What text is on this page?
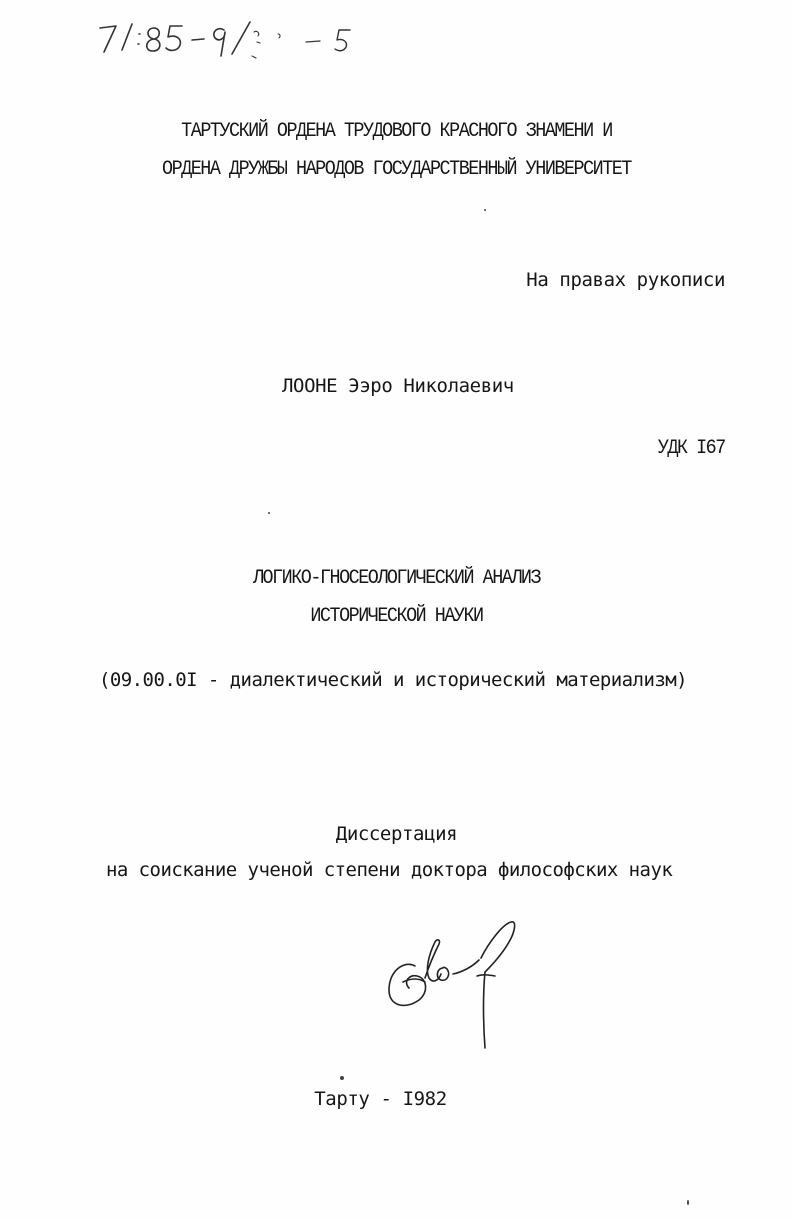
ТАРТУСКИЙ ОРДЕНА ТРУДОВОГО КРАСНОГО ЗНАМЕНИ И
ОРДЕНА ДРУЖБЫ НАРОДОВ ГОСУДАРСТВЕННЫЙ УНИВЕРСИТЕТ
На правах рукописи
ЛООНЕ Ээро Николаевич
УДК I67
ЛОГИКО-ГНОСЕОЛОГИЧЕСКИЙ АНАЛИЗ
ИСТОРИЧЕСКОЙ НАУКИ
(09.00.0I - диалектический и исторический материализм)
Диссертация
на соискание ученой степени доктора философских наук
Тарту - I982
